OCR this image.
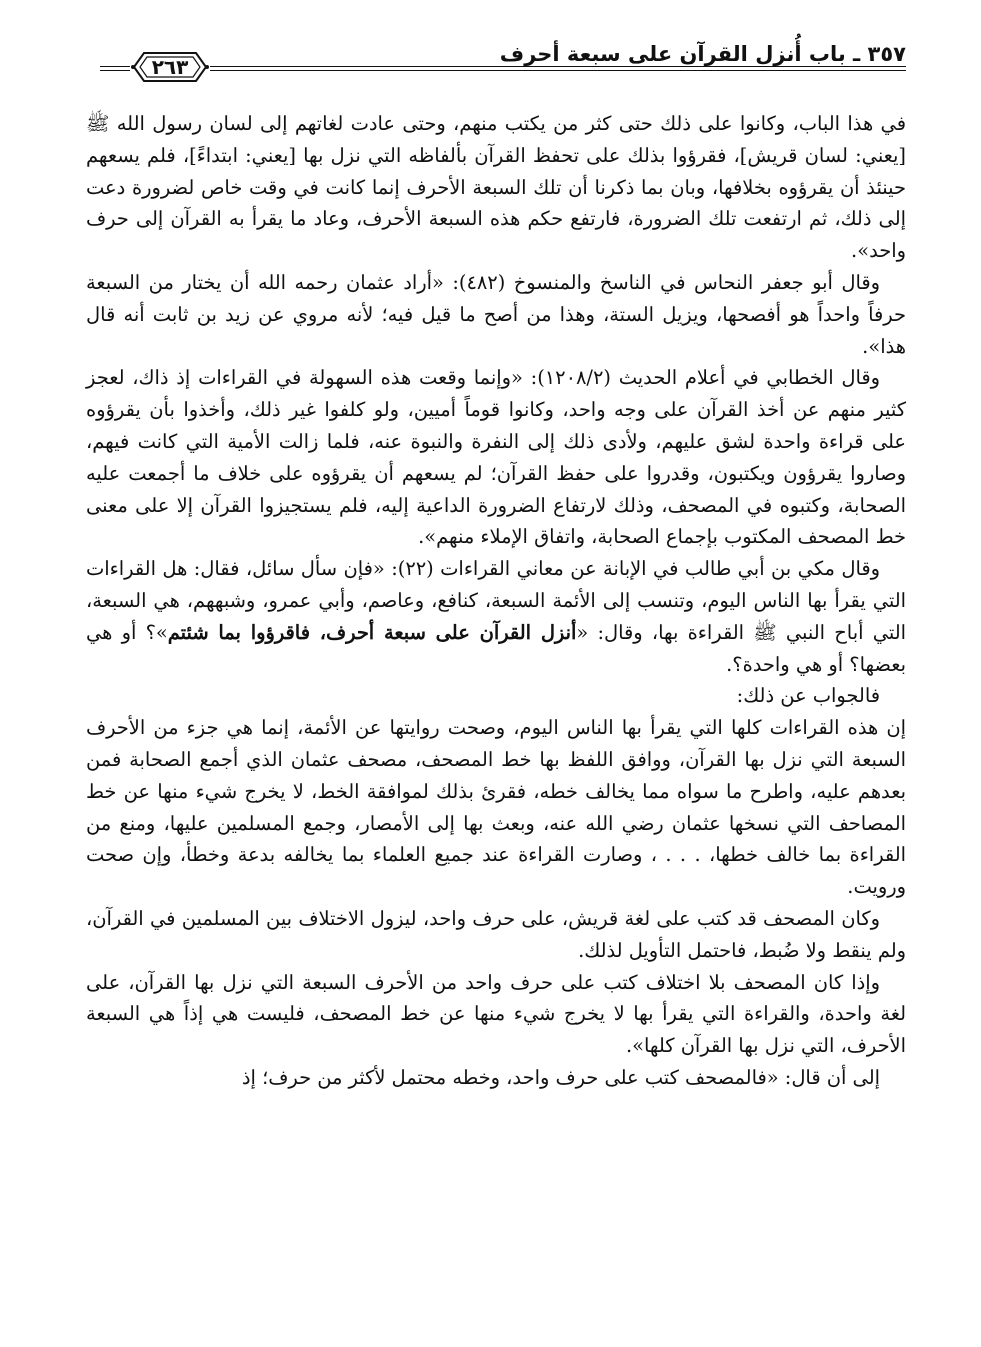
٢٦٣
٣٥٧ ـ باب أُنزل القرآن على سبعة أحرف

في هذا الباب، وكانوا على ذلك حتى كثر من يكتب منهم، وحتى عادت لغاتهم إلى لسان رسول الله ﷺ [يعني: لسان قريش]، فقرؤوا بذلك على تحفظ القرآن بألفاظه التي نزل بها [يعني: ابتداءً]، فلم يسعهم حينئذ أن يقرؤوه بخلافها، وبان بما ذكرنا أن تلك السبعة الأحرف إنما كانت في وقت خاص لضرورة دعت إلى ذلك، ثم ارتفعت تلك الضرورة، فارتفع حكم هذه السبعة الأحرف، وعاد ما يقرأ به القرآن إلى حرف واحد».

وقال أبو جعفر النحاس في الناسخ والمنسوخ (٤٨٢): «أراد عثمان رحمه الله أن يختار من السبعة حرفاً واحداً هو أفصحها، ويزيل الستة، وهذا من أصح ما قيل فيه؛ لأنه مروي عن زيد بن ثابت أنه قال هذا».

وقال الخطابي في أعلام الحديث (١٢٠٨/٢): «وإنما وقعت هذه السهولة في القراءات إذ ذاك، لعجز كثير منهم عن أخذ القرآن على وجه واحد، وكانوا قوماً أميين، ولو كلفوا غير ذلك، وأخذوا بأن يقرؤوه على قراءة واحدة لشق عليهم، ولأدى ذلك إلى النفرة والنبوة عنه، فلما زالت الأمية التي كانت فيهم، وصاروا يقرؤون ويكتبون، وقدروا على حفظ القرآن؛ لم يسعهم أن يقرؤوه على خلاف ما أجمعت عليه الصحابة، وكتبوه في المصحف، وذلك لارتفاع الضرورة الداعية إليه، فلم يستجيزوا القرآن إلا على معنى خط المصحف المكتوب بإجماع الصحابة، واتفاق الإملاء منهم».

وقال مكي بن أبي طالب في الإبانة عن معاني القراءات (٢٢): «فإن سأل سائل، فقال: هل القراءات التي يقرأ بها الناس اليوم، وتنسب إلى الأئمة السبعة، كنافع، وعاصم، وأبي عمرو، وشبههم، هي السبعة، التي أباح النبي ﷺ القراءة بها، وقال: «أنزل القرآن على سبعة أحرف، فاقرؤوا بما شئتم»؟ أو هي بعضها؟ أو هي واحدة؟.

فالجواب عن ذلك:

إن هذه القراءات كلها التي يقرأ بها الناس اليوم، وصحت روايتها عن الأئمة، إنما هي جزء من الأحرف السبعة التي نزل بها القرآن، ووافق اللفظ بها خط المصحف، مصحف عثمان الذي أجمع الصحابة فمن بعدهم عليه، واطرح ما سواه مما يخالف خطه، فقرئ بذلك لموافقة الخط، لا يخرج شيء منها عن خط المصاحف التي نسخها عثمان رضي الله عنه، وبعث بها إلى الأمصار، وجمع المسلمين عليها، ومنع من القراءة بما خالف خطها، . . . ، وصارت القراءة عند جميع العلماء بما يخالفه بدعة وخطأ، وإن صحت ورويت.

وكان المصحف قد كتب على لغة قريش، على حرف واحد، ليزول الاختلاف بين المسلمين في القرآن، ولم ينقط ولا ضُبط، فاحتمل التأويل لذلك.

وإذا كان المصحف بلا اختلاف كتب على حرف واحد من الأحرف السبعة التي نزل بها القرآن، على لغة واحدة، والقراءة التي يقرأ بها لا يخرج شيء منها عن خط المصحف، فليست هي إذاً هي السبعة الأحرف، التي نزل بها القرآن كلها».

إلى أن قال: «فالمصحف كتب على حرف واحد، وخطه محتمل لأكثر من حرف؛ إذ
